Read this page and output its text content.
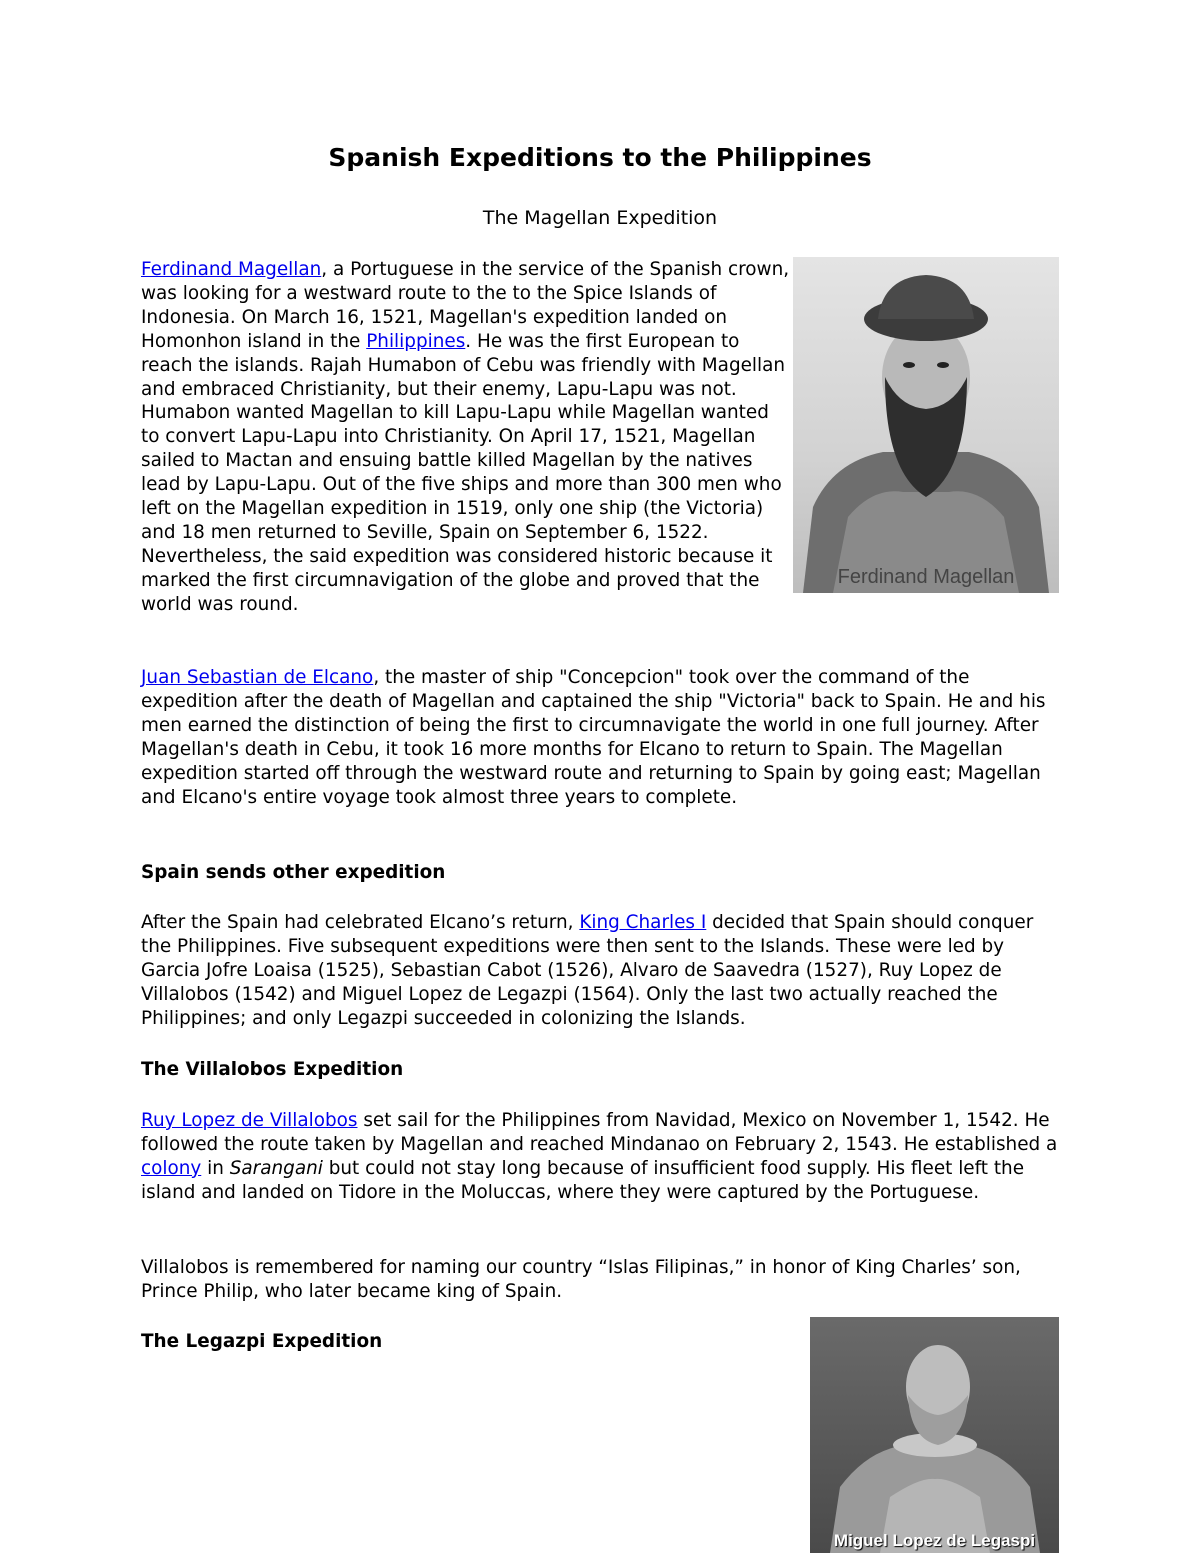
Spanish Expeditions to the Philippines
The Magellan Expedition

Ferdinand Magellan, a Portuguese in the service of the Spanish crown, was looking for a westward route to the to the Spice Islands of Indonesia. On March 16, 1521, Magellan's expedition landed on Homonhon island in the Philippines. He was the first European to reach the islands. Rajah Humabon of Cebu was friendly with Magellan and embraced Christianity, but their enemy, Lapu-Lapu was not. Humabon wanted Magellan to kill Lapu-Lapu while Magellan wanted to convert Lapu-Lapu into Christianity. On April 17, 1521, Magellan sailed to Mactan and ensuing battle killed Magellan by the natives lead by Lapu-Lapu. Out of the five ships and more than 300 men who left on the Magellan expedition in 1519, only one ship (the Victoria) and 18 men returned to Seville, Spain on September 6, 1522. Nevertheless, the said expedition was considered historic because it marked the first circumnavigation of the globe and proved that the world was round.

Juan Sebastian de Elcano, the master of ship "Concepcion" took over the command of the expedition after the death of Magellan and captained the ship "Victoria" back to Spain. He and his men earned the distinction of being the first to circumnavigate the world in one full journey. After Magellan's death in Cebu, it took 16 more months for Elcano to return to Spain. The Magellan expedition started off through the westward route and returning to Spain by going east; Magellan and Elcano's entire voyage took almost three years to complete.

Spain sends other expedition

After the Spain had celebrated Elcano’s return, King Charles I decided that Spain should conquer the Philippines. Five subsequent expeditions were then sent to the Islands. These were led by Garcia Jofre Loaisa (1525), Sebastian Cabot (1526), Alvaro de Saavedra (1527), Ruy Lopez de Villalobos (1542) and Miguel Lopez de Legazpi (1564). Only the last two actually reached the Philippines; and only Legazpi succeeded in colonizing the Islands.

The Villalobos Expedition

Ruy Lopez de Villalobos set sail for the Philippines from Navidad, Mexico on November 1, 1542. He followed the route taken by Magellan and reached Mindanao on February 2, 1543. He established a colony in Sarangani but could not stay long because of insufficient food supply. His fleet left the island and landed on Tidore in the Moluccas, where they were captured by the Portuguese.

Villalobos is remembered for naming our country “Islas Filipinas,” in honor of King Charles’ son, Prince Philip, who later became king of Spain.

The Legazpi Expedition
Ferdinand Magellan
Miguel Lopez de Legaspi
